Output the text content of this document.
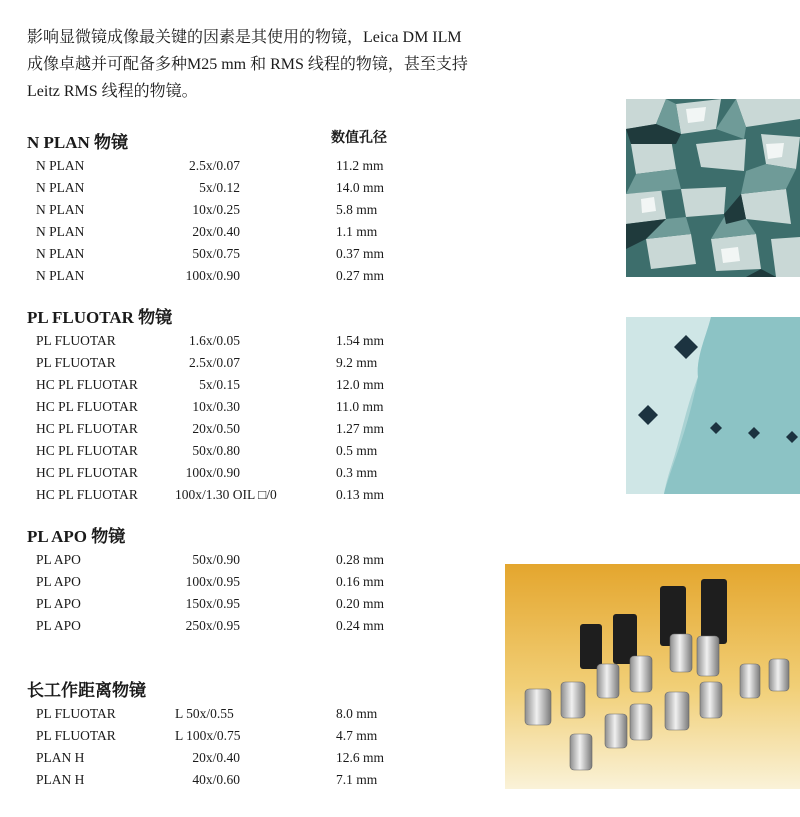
影响显微镜成像最关键的因素是其使用的物镜，Leica DM ILM
成像卓越并可配备多种M25 mm 和 RMS 线程的物镜，甚至支持
Leitz RMS 线程的物镜。
数值孔径
N PLAN 物镜
N PLAN	2.5x/0.07	11.2 mm
N PLAN	5x/0.12	14.0 mm
N PLAN	10x/0.25	5.8 mm
N PLAN	20x/0.40	1.1 mm
N PLAN	50x/0.75	0.37 mm
N PLAN	100x/0.90	0.27 mm
PL FLUOTAR 物镜
PL FLUOTAR	1.6x/0.05	1.54 mm
PL FLUOTAR	2.5x/0.07	9.2 mm
HC PL FLUOTAR	5x/0.15	12.0 mm
HC PL FLUOTAR	10x/0.30	11.0 mm
HC PL FLUOTAR	20x/0.50	1.27 mm
HC PL FLUOTAR	50x/0.80	0.5 mm
HC PL FLUOTAR	100x/0.90	0.3 mm
HC PL FLUOTAR	100x/1.30 OIL □/0	0.13 mm
PL APO 物镜
PL APO	50x/0.90	0.28 mm
PL APO	100x/0.95	0.16 mm
PL APO	150x/0.95	0.20 mm
PL APO	250x/0.95	0.24 mm
长工作距离物镜
PL FLUOTAR	L 50x/0.55	8.0 mm
PL FLUOTAR	L 100x/0.75	4.7 mm
PLAN H	20x/0.40	12.6 mm
PLAN H	40x/0.60	7.1 mm
